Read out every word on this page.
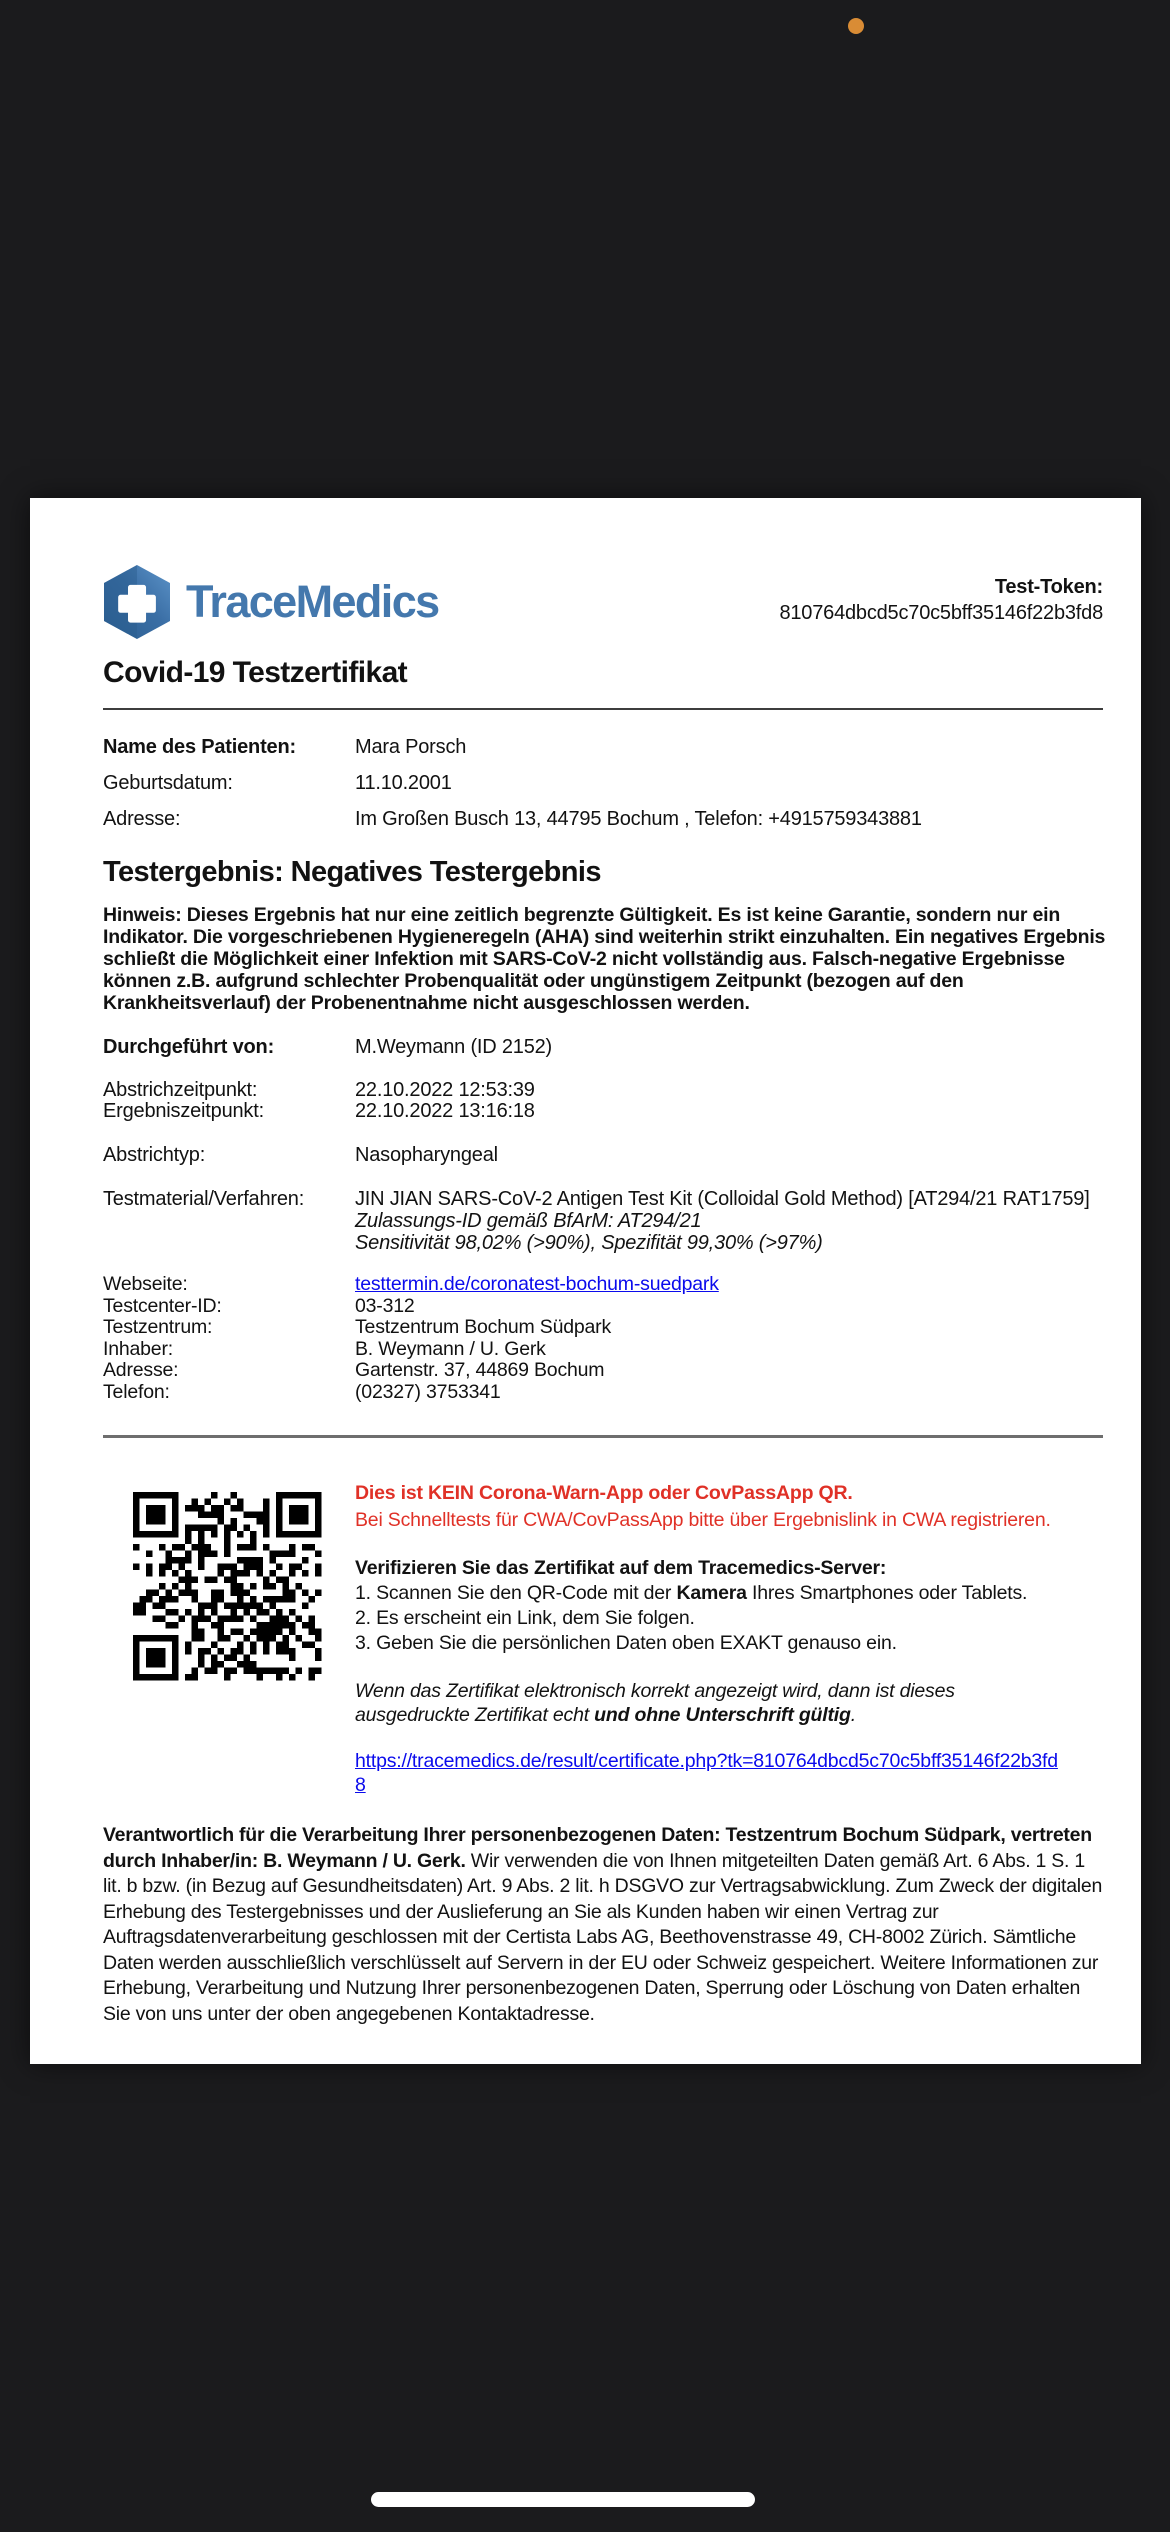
TraceMedics	Test-Token:
810764dbcd5c70c5bff35146f22b3fd8
Covid-19 Testzertifikat
Name des Patienten:	Mara Porsch
Geburtsdatum:	11.10.2001
Adresse:	Im Großen Busch 13, 44795 Bochum , Telefon: +4915759343881
Testergebnis: Negatives Testergebnis
Hinweis: Dieses Ergebnis hat nur eine zeitlich begrenzte Gültigkeit. Es ist keine Garantie, sondern nur ein Indikator. Die vorgeschriebenen Hygieneregeln (AHA) sind weiterhin strikt einzuhalten. Ein negatives Ergebnis schließt die Möglichkeit einer Infektion mit SARS-CoV-2 nicht vollständig aus. Falsch-negative Ergebnisse können z.B. aufgrund schlechter Probenqualität oder ungünstigem Zeitpunkt (bezogen auf den Krankheitsverlauf) der Probenentnahme nicht ausgeschlossen werden.
Durchgeführt von:	M.Weymann (ID 2152)
Abstrichzeitpunkt:	22.10.2022 12:53:39
Ergebniszeitpunkt:	22.10.2022 13:16:18
Abstrichtyp:	Nasopharyngeal
Testmaterial/Verfahren:	JIN JIAN SARS-CoV-2 Antigen Test Kit (Colloidal Gold Method) [AT294/21 RAT1759]
Zulassungs-ID gemäß BfArM: AT294/21
Sensitivität 98,02% (>90%), Spezifität 99,30% (>97%)
Webseite:	testtermin.de/coronatest-bochum-suedpark
Testcenter-ID:	03-312
Testzentrum:	Testzentrum Bochum Südpark
Inhaber:	B. Weymann / U. Gerk
Adresse:	Gartenstr. 37, 44869 Bochum
Telefon:	(02327) 3753341
Dies ist KEIN Corona-Warn-App oder CovPassApp QR.
Bei Schnelltests für CWA/CovPassApp bitte über Ergebnislink in CWA registrieren.
Verifizieren Sie das Zertifikat auf dem Tracemedics-Server:
1. Scannen Sie den QR-Code mit der Kamera Ihres Smartphones oder Tablets.
2. Es erscheint ein Link, dem Sie folgen.
3. Geben Sie die persönlichen Daten oben EXAKT genauso ein.
Wenn das Zertifikat elektronisch korrekt angezeigt wird, dann ist dieses ausgedruckte Zertifikat echt und ohne Unterschrift gültig.
https://tracemedics.de/result/certificate.php?tk=810764dbcd5c70c5bff35146f22b3fd8
Verantwortlich für die Verarbeitung Ihrer personenbezogenen Daten: Testzentrum Bochum Südpark, vertreten durch Inhaber/in: B. Weymann / U. Gerk. Wir verwenden die von Ihnen mitgeteilten Daten gemäß Art. 6 Abs. 1 S. 1 lit. b bzw. (in Bezug auf Gesundheitsdaten) Art. 9 Abs. 2 lit. h DSGVO zur Vertragsabwicklung. Zum Zweck der digitalen Erhebung des Testergebnisses und der Auslieferung an Sie als Kunden haben wir einen Vertrag zur Auftragsdatenverarbeitung geschlossen mit der Certista Labs AG, Beethovenstrasse 49, CH-8002 Zürich. Sämtliche Daten werden ausschließlich verschlüsselt auf Servern in der EU oder Schweiz gespeichert. Weitere Informationen zur Erhebung, Verarbeitung und Nutzung Ihrer personenbezogenen Daten, Sperrung oder Löschung von Daten erhalten Sie von uns unter der oben angegebenen Kontaktadresse.
